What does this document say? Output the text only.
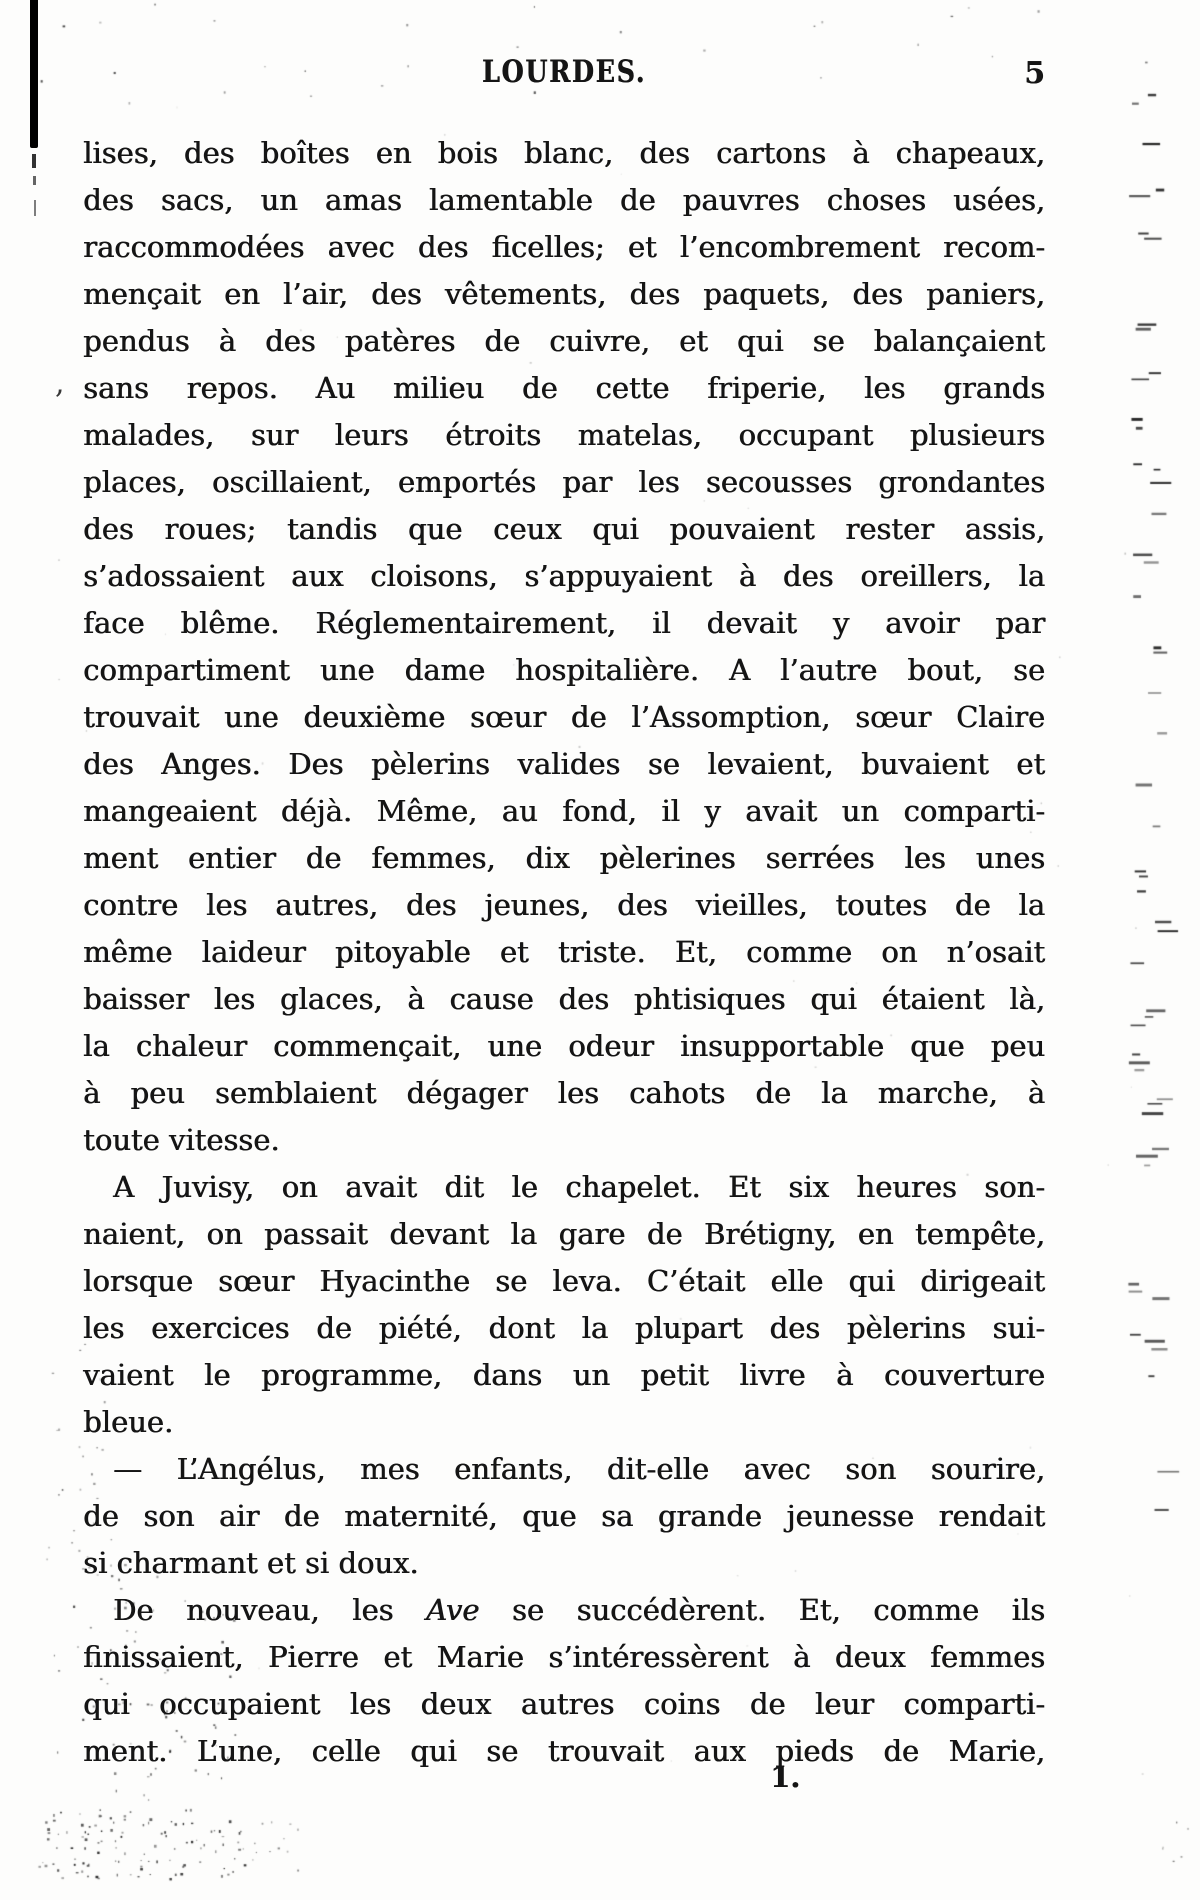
LOURDES.	5
lises, des boîtes en bois blanc, des cartons à chapeaux,
des sacs, un amas lamentable de pauvres choses usées,
raccommodées avec des ficelles; et l’encombrement recom-
mençait en l’air, des vêtements, des paquets, des paniers,
pendus à des patères de cuivre, et qui se balançaient
sans repos. Au milieu de cette friperie, les grands
malades, sur leurs étroits matelas, occupant plusieurs
places, oscillaient, emportés par les secousses grondantes
des roues; tandis que ceux qui pouvaient rester assis,
s’adossaient aux cloisons, s’appuyaient à des oreillers, la
face blême. Réglementairement, il devait y avoir par
compartiment une dame hospitalière. A l’autre bout, se
trouvait une deuxième sœur de l’Assomption, sœur Claire
des Anges. Des pèlerins valides se levaient, buvaient et
mangeaient déjà. Même, au fond, il y avait un comparti-
ment entier de femmes, dix pèlerines serrées les unes
contre les autres, des jeunes, des vieilles, toutes de la
même laideur pitoyable et triste. Et, comme on n’osait
baisser les glaces, à cause des phtisiques qui étaient là,
la chaleur commençait, une odeur insupportable que peu
à peu semblaient dégager les cahots de la marche, à
toute vitesse.
A Juvisy, on avait dit le chapelet. Et six heures son-
naient, on passait devant la gare de Brétigny, en tempête,
lorsque sœur Hyacinthe se leva. C’était elle qui dirigeait
les exercices de piété, dont la plupart des pèlerins sui-
vaient le programme, dans un petit livre à couverture
bleue.
— L’Angélus, mes enfants, dit-elle avec son sourire,
de son air de maternité, que sa grande jeunesse rendait
si charmant et si doux.
De nouveau, les Ave se succédèrent. Et, comme ils
finissaient, Pierre et Marie s’intéressèrent à deux femmes
qui occupaient les deux autres coins de leur comparti-
ment. L’une, celle qui se trouvait aux pieds de Marie,
,
1.
